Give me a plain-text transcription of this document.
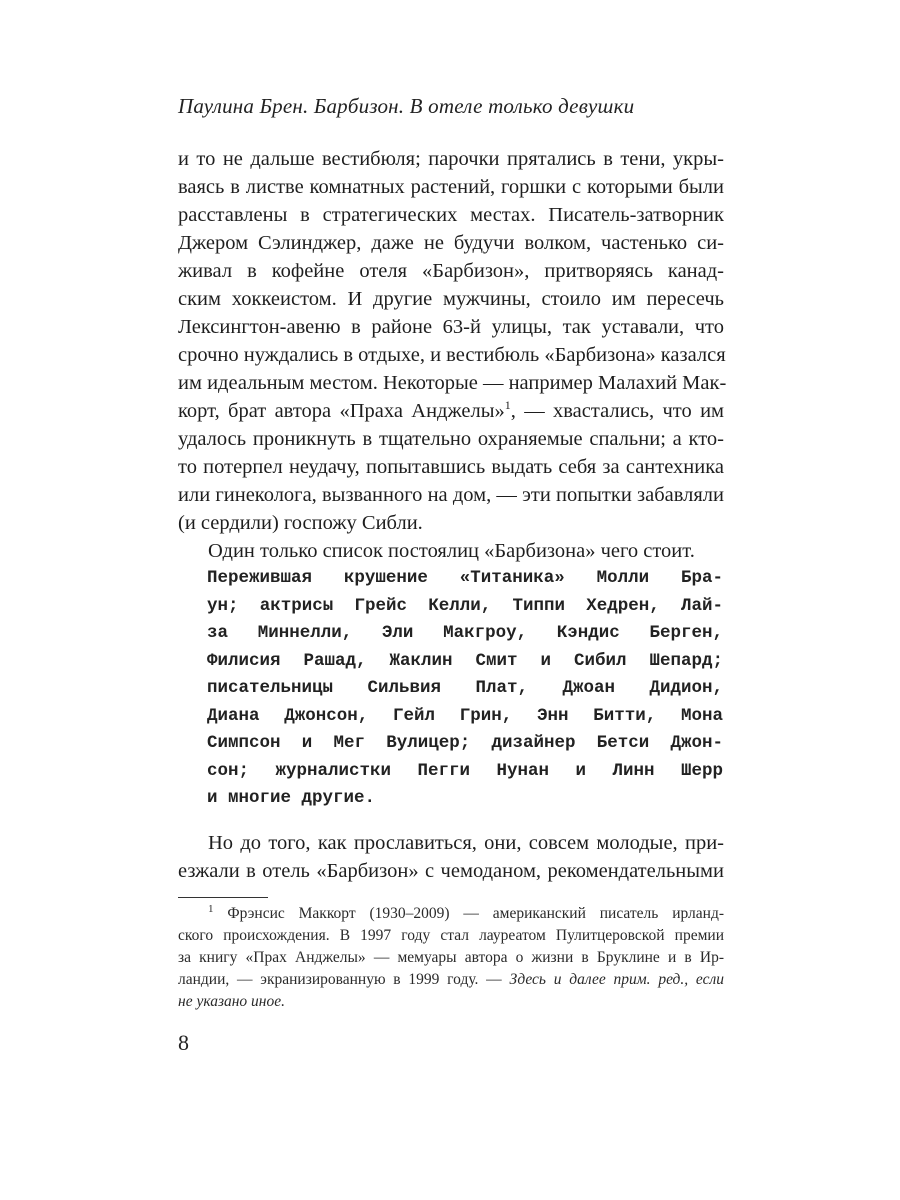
Паулина Брен. Барбизон. В отеле только девушки
и то не дальше вестибюля; парочки прятались в тени, укры-
ваясь в листве комнатных растений, горшки с которыми были
расставлены в стратегических местах. Писатель-затворник
Джером Сэлинджер, даже не будучи волком, частенько си-
живал в кофейне отеля «Барбизон», притворяясь канад-
ским хоккеистом. И другие мужчины, стоило им пересечь
Лексингтон-авеню в районе 63-й улицы, так уставали, что
срочно нуждались в отдыхе, и вестибюль «Барбизона» казался
им идеальным местом. Некоторые — например Малахий Мак-
корт, брат автора «Праха Анджелы»$^1$, — хвастались, что им
удалось проникнуть в тщательно охраняемые спальни; а кто-
то потерпел неудачу, попытавшись выдать себя за сантехника
или гинеколога, вызванного на дом, — эти попытки забавляли
(и сердили) госпожу Сибли.
Один только список постоялиц «Барбизона» чего стоит.
Пережившая крушение «Титаника» Молли Бра-
ун; актрисы Грейс Келли, Типпи Хедрен, Лай-
за Миннелли, Эли Макгроу, Кэндис Берген,
Филисия Рашад, Жаклин Смит и Сибил Шепард;
писательницы Сильвия Плат, Джоан Дидион,
Диана Джонсон, Гейл Грин, Энн Битти, Мона
Симпсон и Мег Вулицер; дизайнер Бетси Джон-
сон; журналистки Пегги Нунан и Линн Шерр
и многие другие.
Но до того, как прославиться, они, совсем молодые, при-
езжали в отель «Барбизон» с чемоданом, рекомендательными
$^1$ Фрэнсис Маккорт (1930–2009) — американский писатель ирланд-
ского происхождения. В 1997 году стал лауреатом Пулитцеровской премии
за книгу «Прах Анджелы» — мемуары автора о жизни в Бруклине и в Ир-
ландии, — экранизированную в 1999 году. — Здесь и далее прим. ред., если
не указано иное.
8
